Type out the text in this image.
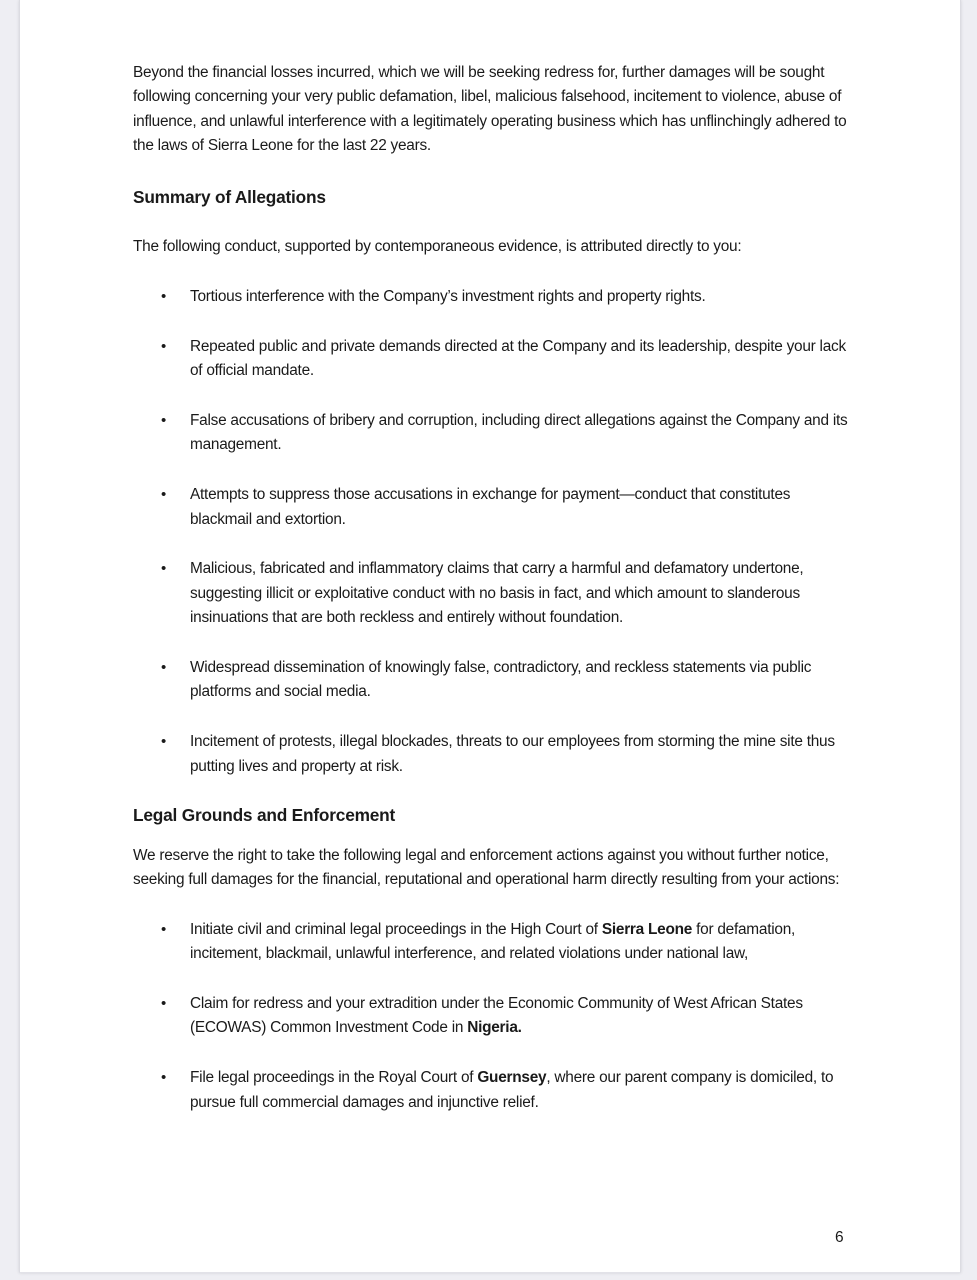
Beyond the financial losses incurred, which we will be seeking redress for, further damages will be sought following concerning your very public defamation, libel, malicious falsehood, incitement to violence, abuse of influence, and unlawful interference with a legitimately operating business which has unflinchingly adhered to the laws of Sierra Leone for the last 22 years.

Summary of Allegations

The following conduct, supported by contemporaneous evidence, is attributed directly to you:

• Tortious interference with the Company’s investment rights and property rights.
• Repeated public and private demands directed at the Company and its leadership, despite your lack of official mandate.
• False accusations of bribery and corruption, including direct allegations against the Company and its management.
• Attempts to suppress those accusations in exchange for payment—conduct that constitutes blackmail and extortion.
• Malicious, fabricated and inflammatory claims that carry a harmful and defamatory undertone, suggesting illicit or exploitative conduct with no basis in fact, and which amount to slanderous insinuations that are both reckless and entirely without foundation.
• Widespread dissemination of knowingly false, contradictory, and reckless statements via public platforms and social media.
• Incitement of protests, illegal blockades, threats to our employees from storming the mine site thus putting lives and property at risk.
Legal Grounds and Enforcement

We reserve the right to take the following legal and enforcement actions against you without further notice, seeking full damages for the financial, reputational and operational harm directly resulting from your actions:

• Initiate civil and criminal legal proceedings in the High Court of Sierra Leone for defamation, incitement, blackmail, unlawful interference, and related violations under national law,
• Claim for redress and your extradition under the Economic Community of West African States (ECOWAS) Common Investment Code in Nigeria.
• File legal proceedings in the Royal Court of Guernsey, where our parent company is domiciled, to pursue full commercial damages and injunctive relief.
6
